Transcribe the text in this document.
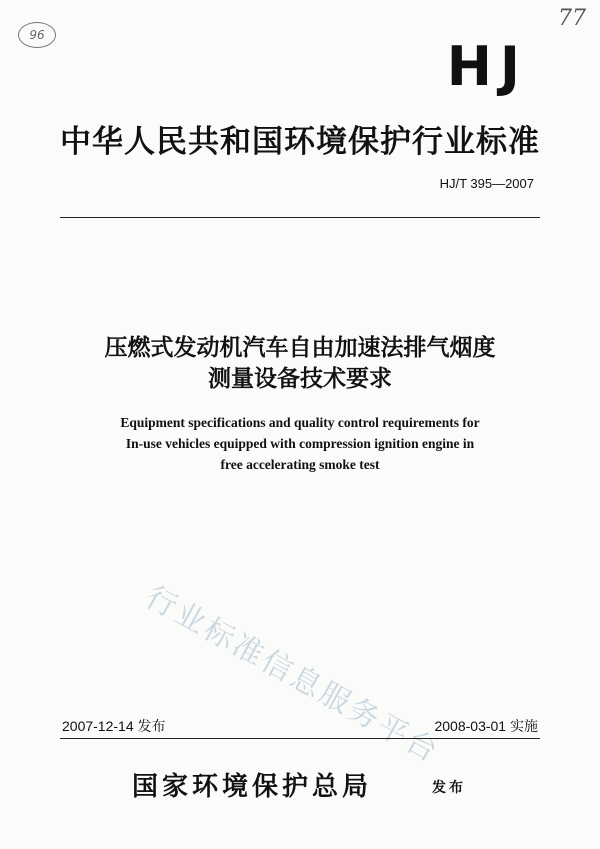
96
77
HJ
中华人民共和国环境保护行业标准
HJ/T 395—2007
压燃式发动机汽车自由加速法排气烟度
测量设备技术要求
Equipment specifications and quality control requirements for
In-use vehicles equipped with compression ignition engine in
free accelerating smoke test
行业标准信息服务平台
2007-12-14 发布	2008-03-01 实施
国家环境保护总局	发布
